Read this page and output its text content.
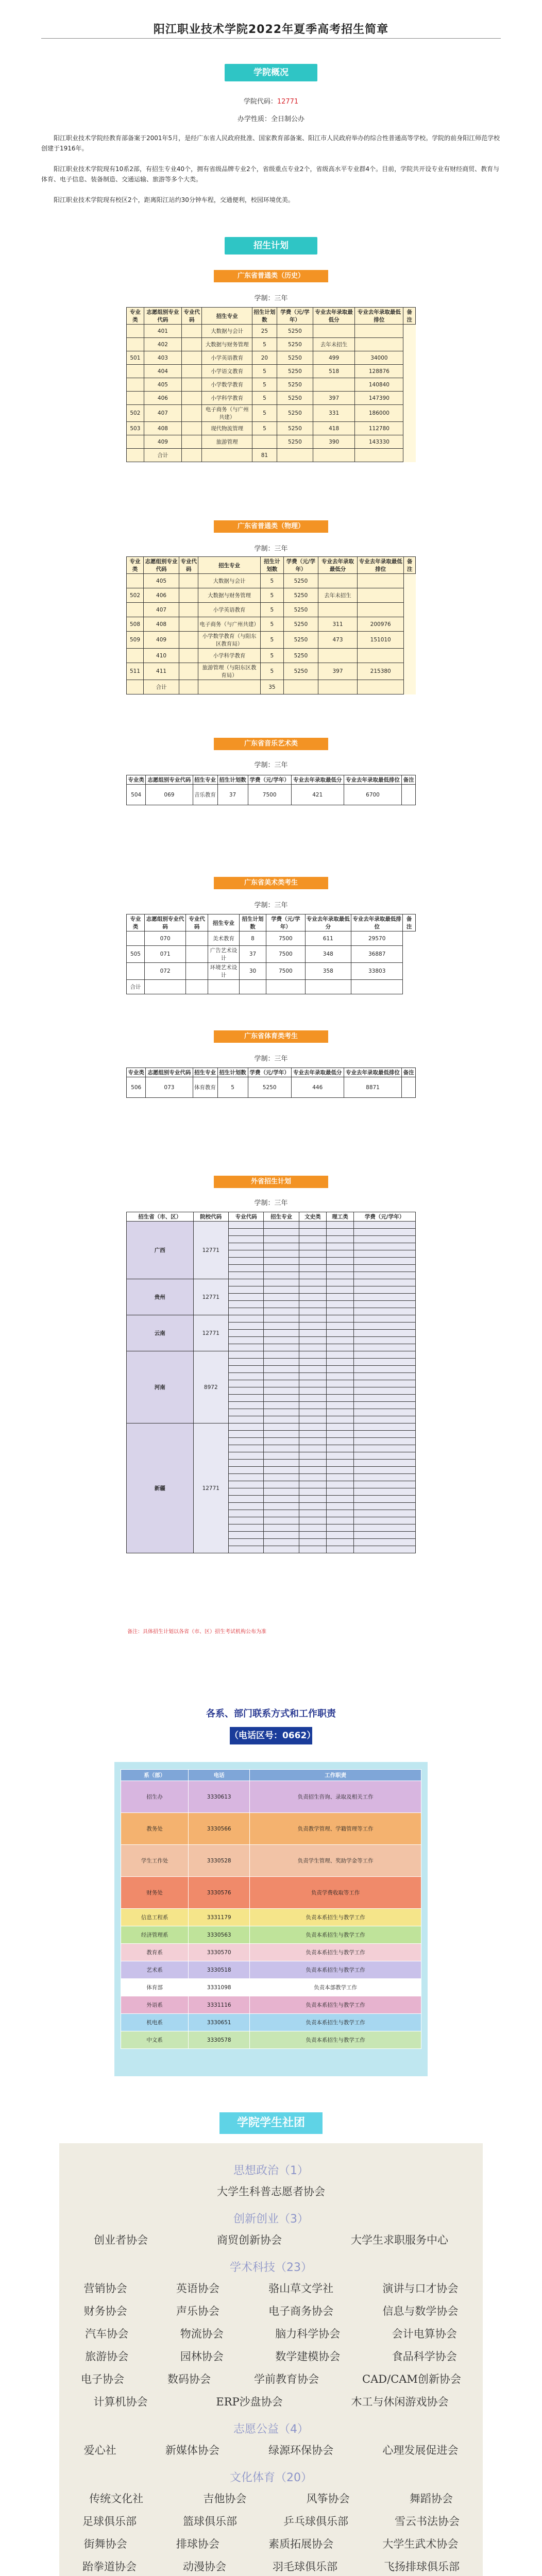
阳江职业技术学院2022年夏季高考招生简章
学院概况
学院代码：12771
办学性质：全日制公办
阳江职业技术学院经教育部备案于2001年5月，是经广东省人民政府批准、国家教育部备案、阳江市人民政府举办的综合性普通高等学校。学院的前身阳江师范学校创建于1916年。
阳江职业技术学院现有10系2部，有招生专业40个，拥有省级品牌专业2个，省级重点专业2个，省级高水平专业群4个。目前，学院共开设专业有财经商贸、教育与体育、电子信息、装备制造、交通运输、旅游等多个大类。
阳江职业技术学院现有校区2个，距离阳江站约30分钟车程，交通便利，校园环境优美。
招生计划
广东省普通类（历史）
学制：三年
专业类	志愿组别专业代码	专业代码	招生专业	招生计划数	学费（元/学年）	专业去年录取最低分	专业去年录取最低排位	备注
	401		大数据与会计	25	5250			
	402		大数据与财务管理	5	5250	去年未招生		
501	403		小学英语教育	20	5250	499	34000	
	404		小学语文教育	5	5250	518	128876	
	405		小学数学教育	5	5250		140840	
	406		小学科学教育	5	5250	397	147390	
502	407		电子商务（与广州共建）	5	5250	331	186000	
503	408		现代物流管理	5	5250	418	112780	
	409		旅游管理		5250	390	143330	
	合计			81				
广东省普通类（物理）
学制：三年
专业类	志愿组别专业代码	专业代码	招生专业	招生计划数	学费（元/学年）	专业去年录取最低分	专业去年录取最低排位	备注
	405		大数据与会计	5	5250			
502	406		大数据与财务管理	5	5250	去年未招生		
	407		小学英语教育	5	5250			
508	408		电子商务（与广州共建）	5	5250	311	200976	
509	409		小学数学教育（与阳东区教育局）	5	5250	473	151010	
	410		小学科学教育	5	5250			
511	411		旅游管理（与阳东区教育局）	5	5250	397	215380	
	合计			35				
广东省音乐艺术类
学制：三年
专业类	志愿组别专业代码	招生专业	招生计划数	学费（元/学年）	专业去年录取最低分	专业去年录取最低排位	备注
504	069	音乐教育	37	7500	421	6700	
广东省美术类考生
学制：三年
专业类	志愿组别专业代码	专业代码	招生专业	招生计划数	学费（元/学年）	专业去年录取最低分	专业去年录取最低排位	备注
	070		美术教育	8	7500	611	29570	
505	071		广告艺术设计	37	7500	348	36887	
	072		环境艺术设计	30	7500	358	33803	
合计								
广东省体育类考生
学制：三年
专业类	志愿组别专业代码	招生专业	招生计划数	学费（元/学年）	专业去年录取最低分	专业去年录取最低排位	备注
506	073	体育教育	5	5250	446	8871	
外省招生计划
学制：三年
招生省（市、区）	院校代码	专业代码	招生专业	文史类	理工类	学费（元/学年）
广西	12771					

贵州	12771					

云南	12771					

河南	8972					

新疆	12771					

备注：具体招生计划以各省（市、区）招生考试机构公布为准
各系、部门联系方式和工作职责
（电话区号：0662）
系（部）	电话	工作职责
招生办	3330613	负责招生咨询、录取及相关工作
教务处	3330566	负责教学管理、学籍管理等工作
学生工作处	3330528	负责学生管理、奖助学金等工作
财务处	3330576	负责学费收取等工作
信息工程系	3331179	负责本系招生与教学工作
经济管理系	3330563	负责本系招生与教学工作
教育系	3330570	负责本系招生与教学工作
艺术系	3330518	负责本系招生与教学工作
体育部	3331098	负责本部教学工作
外语系	3331116	负责本系招生与教学工作
机电系	3330651	负责本系招生与教学工作
中文系	3330578	负责本系招生与教学工作
学院学生社团
思想政治（1）
大学生科普志愿者协会
创新创业（3）
创业者协会	商贸创新协会	大学生求职服务中心
学术科技（23）
营销协会	英语协会	骆山草文学社	演讲与口才协会
财务协会	声乐协会	电子商务协会	信息与数学协会
汽车协会	物流协会	脑力科学协会	会计电算协会
旅游协会	园林协会	数学建模协会	食品科学协会
电子协会	数码协会	学前教育协会	CAD/CAM创新协会
计算机协会	ERP沙盘协会	木工与休闲游戏协会
志愿公益（4）
爱心社	新媒体协会	绿源环保协会	心理发展促进会
文化体育（20）
传统文化社	吉他协会	风筝协会	舞蹈协会
足球俱乐部	篮球俱乐部	乒乓球俱乐部	雪云书法协会
街舞协会	排球协会	素质拓展协会	大学生武术协会
跆拳道协会	动漫协会	羽毛球俱乐部	飞扬排球俱乐部
